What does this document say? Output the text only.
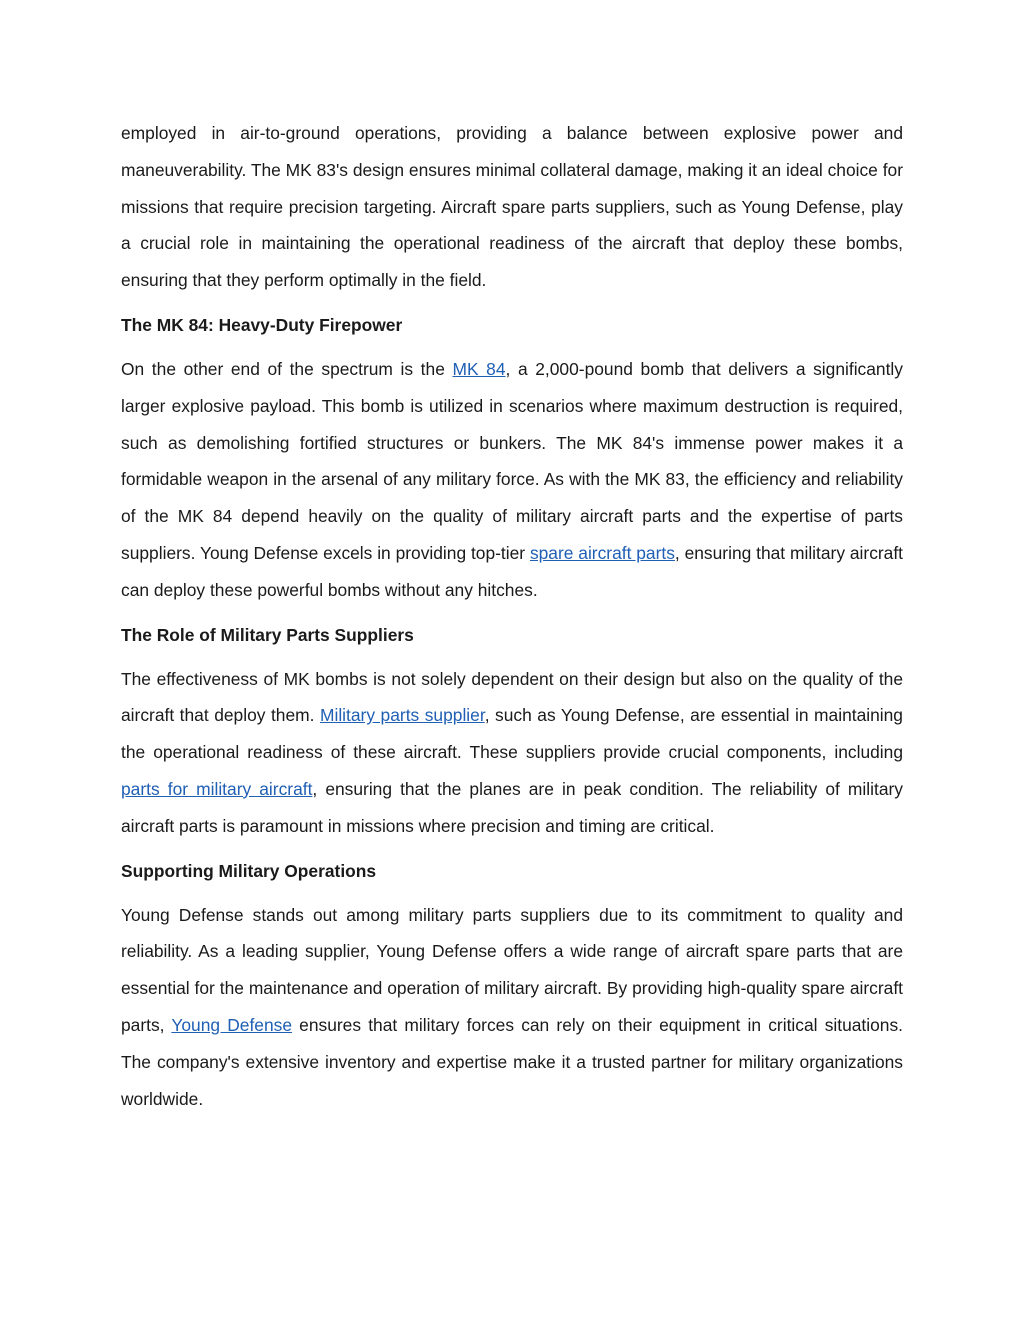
employed in air-to-ground operations, providing a balance between explosive power and maneuverability. The MK 83's design ensures minimal collateral damage, making it an ideal choice for missions that require precision targeting. Aircraft spare parts suppliers, such as Young Defense, play a crucial role in maintaining the operational readiness of the aircraft that deploy these bombs, ensuring that they perform optimally in the field.

The MK 84: Heavy-Duty Firepower

On the other end of the spectrum is the MK 84, a 2,000-pound bomb that delivers a significantly larger explosive payload. This bomb is utilized in scenarios where maximum destruction is required, such as demolishing fortified structures or bunkers. The MK 84's immense power makes it a formidable weapon in the arsenal of any military force. As with the MK 83, the efficiency and reliability of the MK 84 depend heavily on the quality of military aircraft parts and the expertise of parts suppliers. Young Defense excels in providing top-tier spare aircraft parts, ensuring that military aircraft can deploy these powerful bombs without any hitches.

The Role of Military Parts Suppliers

The effectiveness of MK bombs is not solely dependent on their design but also on the quality of the aircraft that deploy them. Military parts supplier, such as Young Defense, are essential in maintaining the operational readiness of these aircraft. These suppliers provide crucial components, including parts for military aircraft, ensuring that the planes are in peak condition. The reliability of military aircraft parts is paramount in missions where precision and timing are critical.

Supporting Military Operations

Young Defense stands out among military parts suppliers due to its commitment to quality and reliability. As a leading supplier, Young Defense offers a wide range of aircraft spare parts that are essential for the maintenance and operation of military aircraft. By providing high-quality spare aircraft parts, Young Defense ensures that military forces can rely on their equipment in critical situations. The company's extensive inventory and expertise make it a trusted partner for military organizations worldwide.
